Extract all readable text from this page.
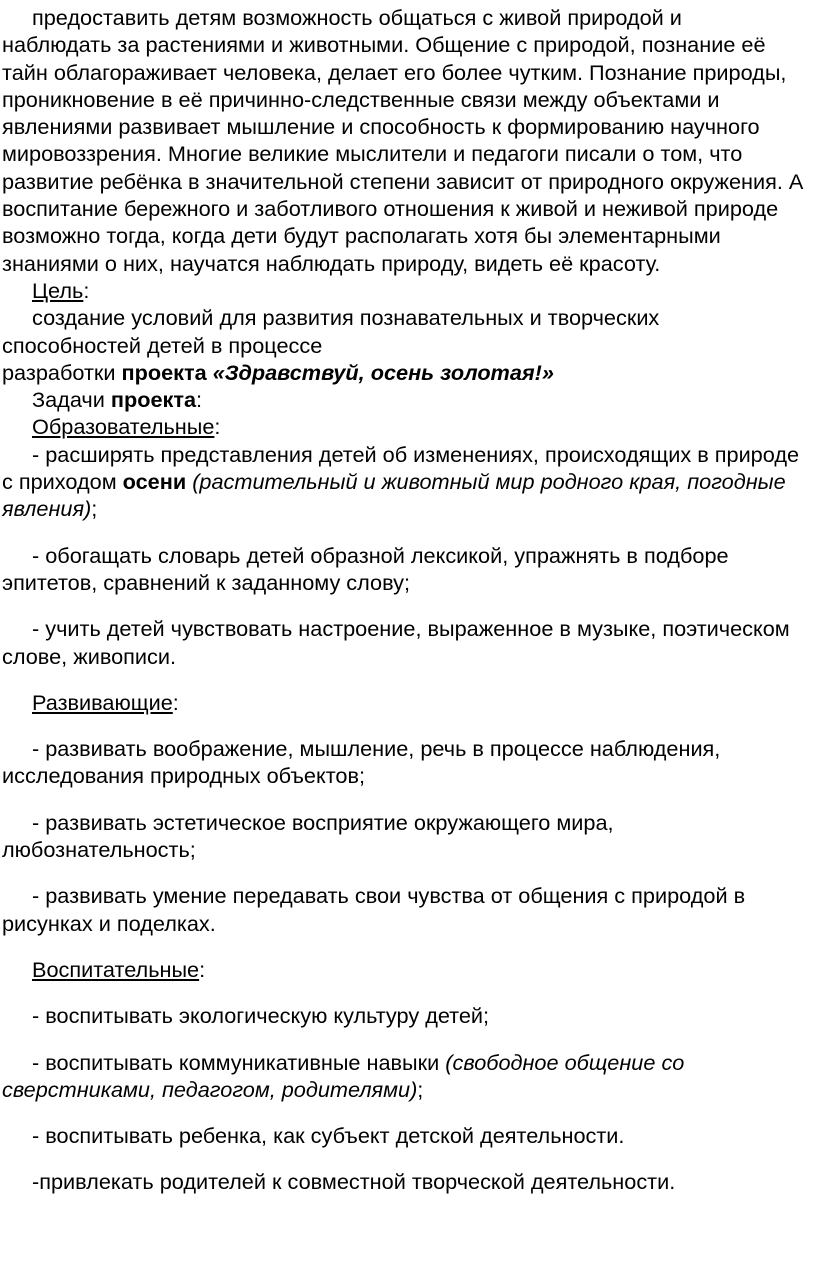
предоставить детям возможность общаться с живой природой и

наблюдать за растениями и животными. Общение с природой, познание её тайн облагораживает человека, делает его более чутким. Познание природы, проникновение в её причинно-следственные связи между объектами и явлениями развивает мышление и способность к формированию научного мировоззрения. Многие великие мыслители и педагоги писали о том, что развитие ребёнка в значительной степени зависит от природного окружения. А воспитание бережного и заботливого отношения к живой и неживой природе возможно тогда, когда дети будут располагать хотя бы элементарными знаниями о них, научатся наблюдать природу, видеть её красоту.

Цель:

создание условий для развития познавательных и творческих

способностей детей в процессе

разработки проекта «Здравствуй, осень золотая!»

Задачи проекта:

Образовательные:

- расширять представления детей об изменениях, происходящих в природе с приходом осени (растительный и животный мир родного края, погодные явления);

- обогащать словарь детей образной лексикой, упражнять в подборе эпитетов, сравнений к заданному слову;

- учить детей чувствовать настроение, выраженное в музыке, поэтическом слове, живописи.

Развивающие:

- развивать воображение, мышление, речь в процессе наблюдения, исследования природных объектов;

- развивать эстетическое восприятие окружающего мира, любознательность;

- развивать умение передавать свои чувства от общения с природой в рисунках и поделках.

Воспитательные:

- воспитывать экологическую культуру детей;

- воспитывать коммуникативные навыки (свободное общение со сверстниками, педагогом, родителями);

- воспитывать ребенка, как субъект детской деятельности.

-привлекать родителей к совместной творческой деятельности.
